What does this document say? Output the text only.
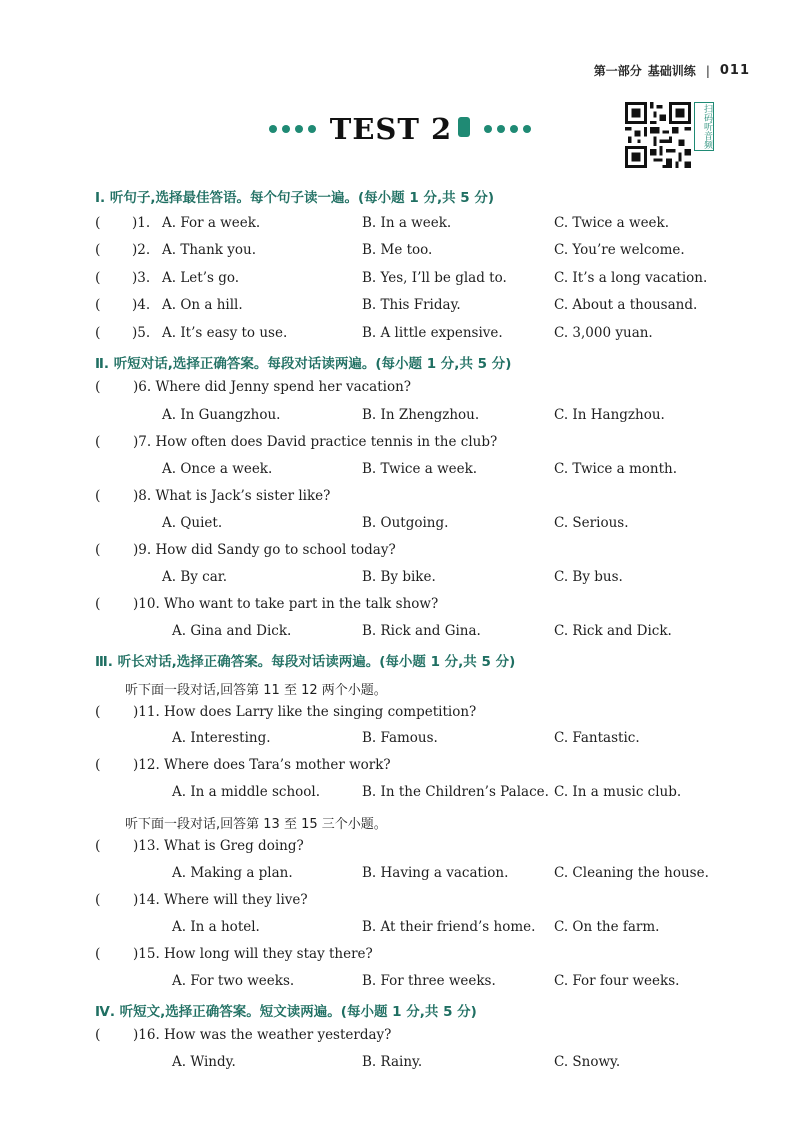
第一部分 基础训练 | 011
TEST 2	扫码听音频
Ⅰ. 听句子,选择最佳答语。每个句子读一遍。(每小题 1 分,共 5 分)
( )1. A. For a week.	B. In a week.	C. Twice a week.
( )2. A. Thank you.	B. Me too.	C. You’re welcome.
( )3. A. Let’s go.	B. Yes, I’ll be glad to.	C. It’s a long vacation.
( )4. A. On a hill.	B. This Friday.	C. About a thousand.
( )5. A. It’s easy to use.	B. A little expensive.	C. 3,000 yuan.
Ⅱ. 听短对话,选择正确答案。每段对话读两遍。(每小题 1 分,共 5 分)
( )6. Where did Jenny spend her vacation?
A. In Guangzhou.	B. In Zhengzhou.	C. In Hangzhou.
( )7. How often does David practice tennis in the club?
A. Once a week.	B. Twice a week.	C. Twice a month.
( )8. What is Jack’s sister like?
A. Quiet.	B. Outgoing.	C. Serious.
( )9. How did Sandy go to school today?
A. By car.	B. By bike.	C. By bus.
( )10. Who want to take part in the talk show?
A. Gina and Dick.	B. Rick and Gina.	C. Rick and Dick.
Ⅲ. 听长对话,选择正确答案。每段对话读两遍。(每小题 1 分,共 5 分)
听下面一段对话,回答第 11 至 12 两个小题。
( )11. How does Larry like the singing competition?
A. Interesting.	B. Famous.	C. Fantastic.
( )12. Where does Tara’s mother work?
A. In a middle school.	B. In the Children’s Palace. C. In a music club.
听下面一段对话,回答第 13 至 15 三个小题。
( )13. What is Greg doing?
A. Making a plan.	B. Having a vacation.	C. Cleaning the house.
( )14. Where will they live?
A. In a hotel.	B. At their friend’s home. C. On the farm.
( )15. How long will they stay there?
A. For two weeks.	B. For three weeks.	C. For four weeks.
Ⅳ. 听短文,选择正确答案。短文读两遍。(每小题 1 分,共 5 分)
( )16. How was the weather yesterday?
A. Windy.	B. Rainy.	C. Snowy.
